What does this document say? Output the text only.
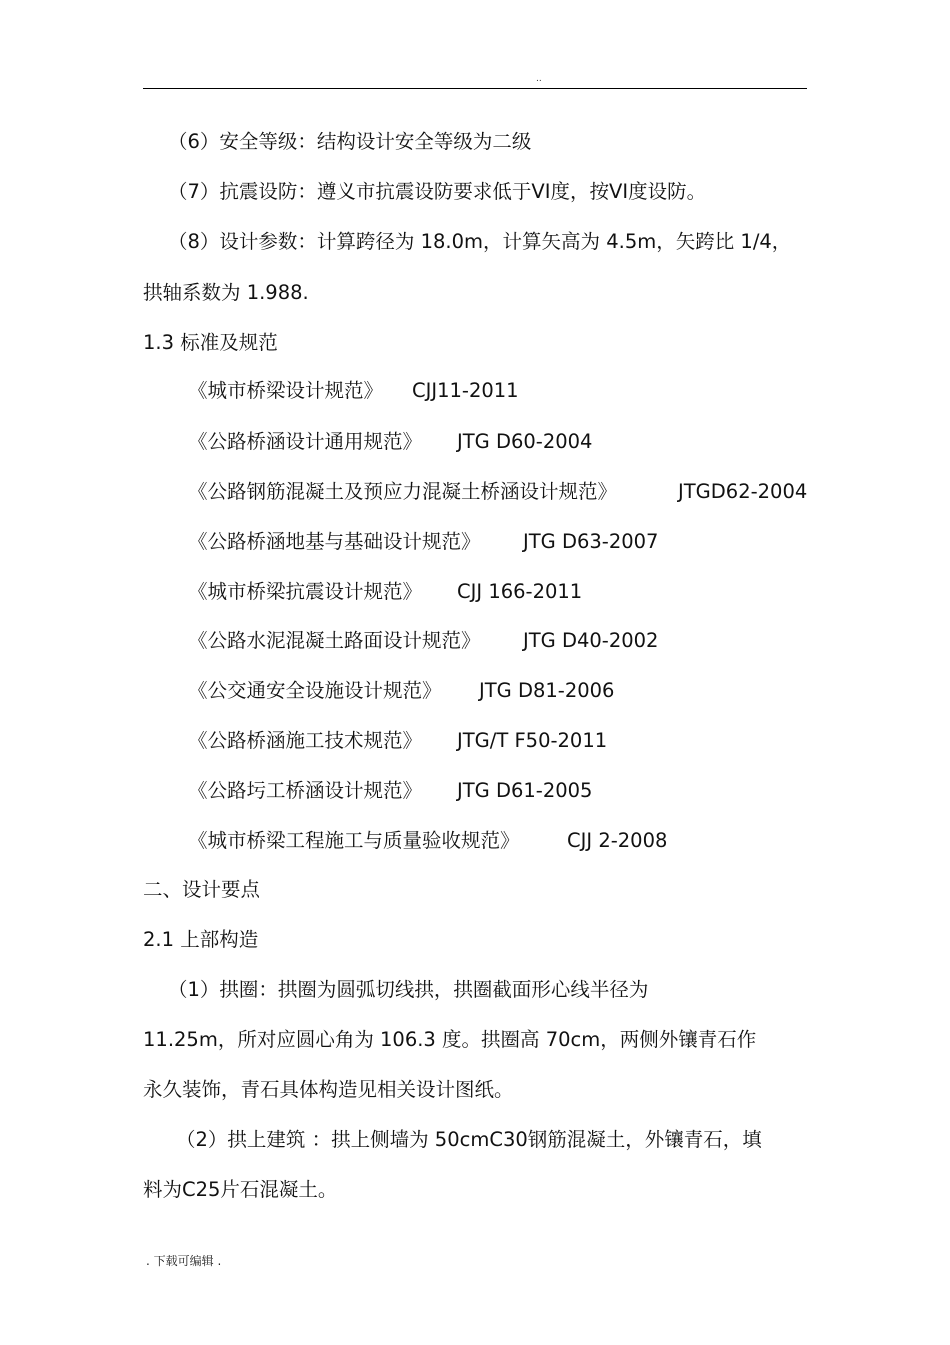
..
（6）安全等级：结构设计安全等级为二级
（7）抗震设防：遵义市抗震设防要求低于VI度，按VI度设防。
（8）设计参数：计算跨径为 18.0m，计算矢高为 4.5m，矢跨比 1/4，
拱轴系数为 1.988.
1.3 标准及规范
《城市桥梁设计规范》 CJJ11-2011
《公路桥涵设计通用规范》 JTG D60-2004
《公路钢筋混凝土及预应力混凝土桥涵设计规范》	JTGD62-2004
《公路桥涵地基与基础设计规范》 JTG D63-2007
《城市桥梁抗震设计规范》 CJJ 166-2011
《公路水泥混凝土路面设计规范》 JTG D40-2002
《公交通安全设施设计规范》 JTG D81-2006
《公路桥涵施工技术规范》 JTG/T F50-2011
《公路圬工桥涵设计规范》 JTG D61-2005
《城市桥梁工程施工与质量验收规范》 CJJ 2-2008
二、设计要点
2.1 上部构造
（1）拱圈：拱圈为圆弧切线拱，拱圈截面形心线半径为
11.25m，所对应圆心角为 106.3 度。拱圈高 70cm，两侧外镶青石作
永久装饰，青石具体构造见相关设计图纸。
（2）拱上建筑 ：拱上侧墙为 50cmC30钢筋混凝土，外镶青石，填
料为C25片石混凝土。
. 下载可编辑 .
